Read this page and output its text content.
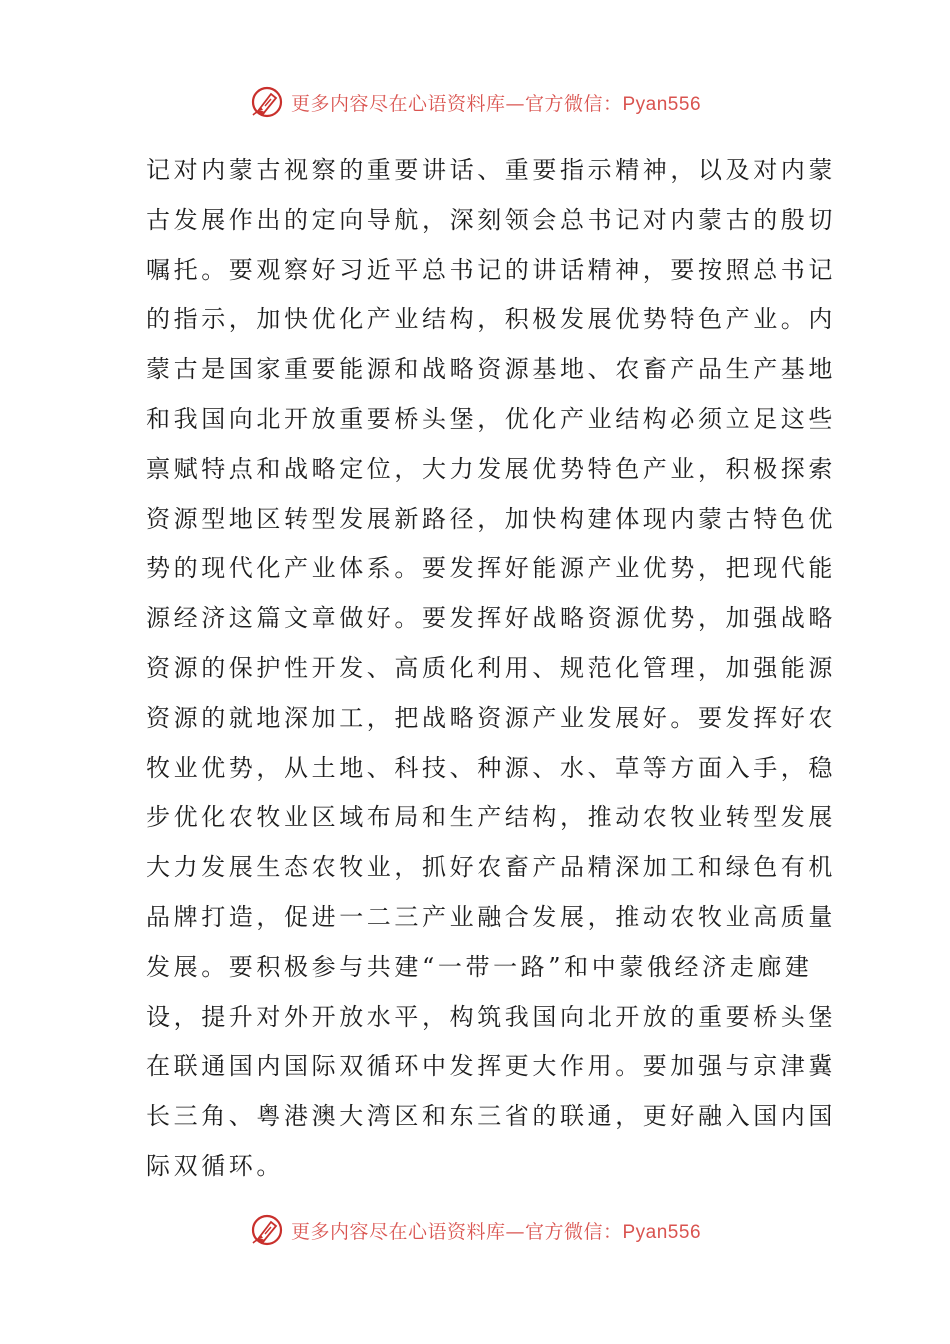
更多内容尽在心语资料库—官方微信：Pyan556
记对内蒙古视察的重要讲话、重要指示精神，以及对内蒙
古发展作出的定向导航，深刻领会总书记对内蒙古的殷切
嘱托。要观察好习近平总书记的讲话精神，要按照总书记
的指示，加快优化产业结构，积极发展优势特色产业。内
蒙古是国家重要能源和战略资源基地、农畜产品生产基地
和我国向北开放重要桥头堡，优化产业结构必须立足这些
禀赋特点和战略定位，大力发展优势特色产业，积极探索
资源型地区转型发展新路径，加快构建体现内蒙古特色优
势的现代化产业体系。要发挥好能源产业优势，把现代能
源经济这篇文章做好。要发挥好战略资源优势，加强战略
资源的保护性开发、高质化利用、规范化管理，加强能源
资源的就地深加工，把战略资源产业发展好。要发挥好农
牧业优势，从土地、科技、种源、水、草等方面入手，稳
步优化农牧业区域布局和生产结构，推动农牧业转型发展
大力发展生态农牧业，抓好农畜产品精深加工和绿色有机
品牌打造，促进一二三产业融合发展，推动农牧业高质量
发展。要积极参与共建“一带一路”和中蒙俄经济走廊建
设，提升对外开放水平，构筑我国向北开放的重要桥头堡
在联通国内国际双循环中发挥更大作用。要加强与京津冀
长三角、粤港澳大湾区和东三省的联通，更好融入国内国
际双循环。
更多内容尽在心语资料库—官方微信：Pyan556
